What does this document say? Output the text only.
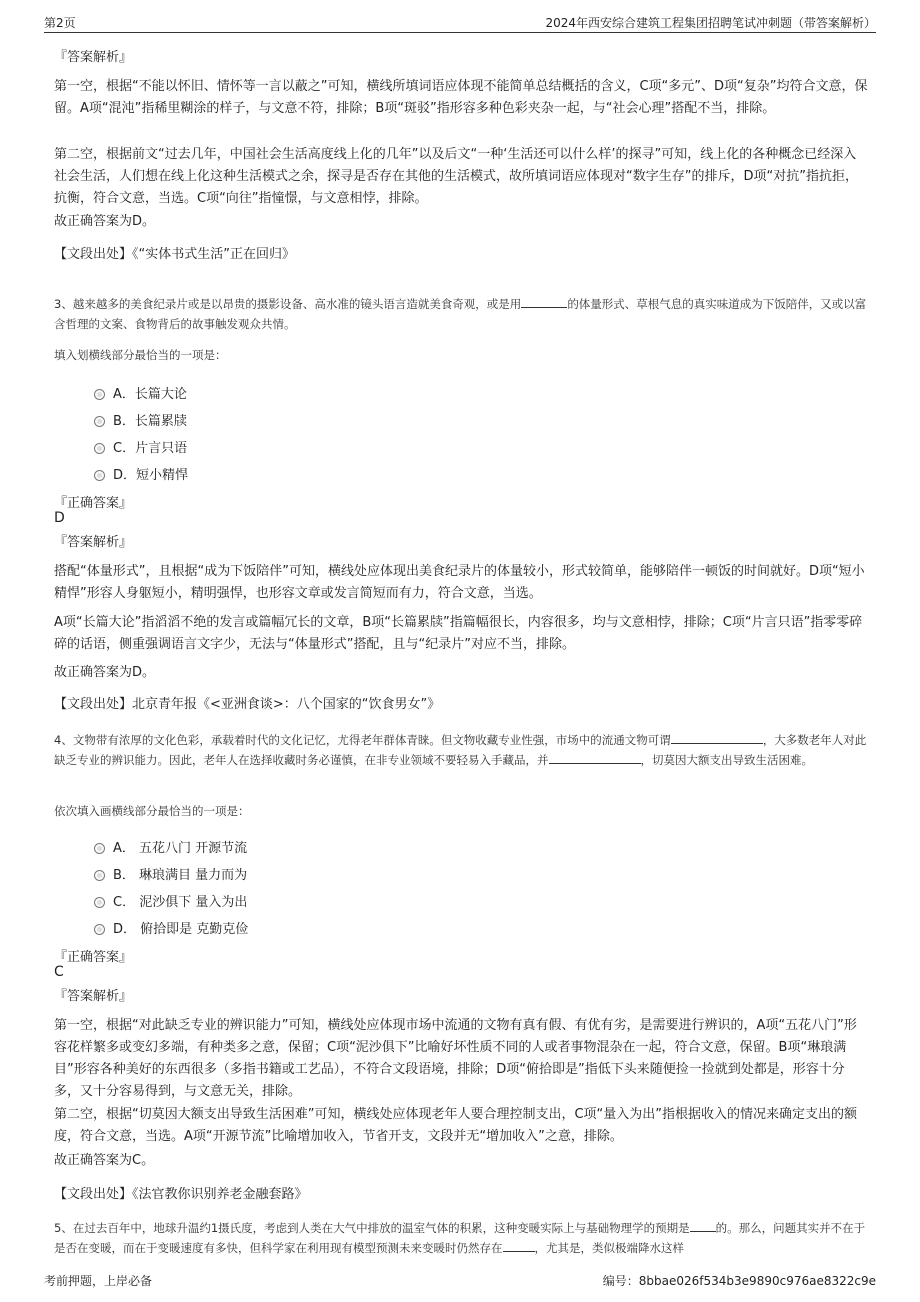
第2页	2024年西安综合建筑工程集团招聘笔试冲刺题（带答案解析）
『答案解析』
第一空，根据“不能以怀旧、情怀等一言以蔽之”可知，横线所填词语应体现不能简单总结概括的含义，C项“多元”、D项“复杂”均符合文意，保留。A项“混沌”指稀里糊涂的样子，与文意不符，排除；B项“斑驳”指形容多种色彩夹杂一起，与“社会心理”搭配不当，排除。
第二空，根据前文“过去几年，中国社会生活高度线上化的几年”以及后文“一种‘生活还可以什么样’的探寻”可知，线上化的各种概念已经深入社会生活，人们想在线上化这种生活模式之余，探寻是否存在其他的生活模式，故所填词语应体现对“数字生存”的排斥，D项“对抗”指抗拒，抗衡，符合文意，当选。C项“向往”指憧憬，与文意相悖，排除。
故正确答案为D。
【文段出处】《“实体书式生活”正在回归》
3、越来越多的美食纪录片或是以昂贵的摄影设备、高水准的镜头语言造就美食奇观，或是用	的体量形式、草根气息的真实味道成为下饭陪伴，又或以富含哲理的文案、食物背后的故事触发观众共情。
填入划横线部分最恰当的一项是：
A．长篇大论
B．长篇累牍
C．片言只语
D．短小精悍
『正确答案』
D
『答案解析』
搭配“体量形式”，且根据“成为下饭陪伴”可知，横线处应体现出美食纪录片的体量较小，形式较简单，能够陪伴一顿饭的时间就好。D项“短小精悍”形容人身躯短小，精明强悍，也形容文章或发言简短而有力，符合文意，当选。
A项“长篇大论”指滔滔不绝的发言或篇幅冗长的文章，B项“长篇累牍”指篇幅很长，内容很多，均与文意相悖，排除；C项“片言只语”指零零碎碎的话语，侧重强调语言文字少，无法与“体量形式”搭配，且与“纪录片”对应不当，排除。
故正确答案为D。
【文段出处】北京青年报《<亚洲食谈>：八个国家的“饮食男女”》
4、文物带有浓厚的文化色彩，承载着时代的文化记忆，尤得老年群体青睐。但文物收藏专业性强，市场中的流通文物可谓	，大多数老年人对此缺乏专业的辨识能力。因此，老年人在选择收藏时务必谨慎，在非专业领域不要轻易入手藏品，并	，切莫因大额支出导致生活困难。
依次填入画横线部分最恰当的一项是：
A． 五花八门 开源节流
B． 琳琅满目 量力而为
C． 泥沙俱下 量入为出
D． 俯拾即是 克勤克俭
『正确答案』
C
『答案解析』
第一空，根据“对此缺乏专业的辨识能力”可知，横线处应体现市场中流通的文物有真有假、有优有劣，是需要进行辨识的，A项“五花八门”形容花样繁多或变幻多端，有种类多之意，保留；C项“泥沙俱下”比喻好坏性质不同的人或者事物混杂在一起，符合文意，保留。B项“琳琅满目”形容各种美好的东西很多（多指书籍或工艺品），不符合文段语境，排除；D项“俯拾即是”指低下头来随便捡一捡就到处都是，形容十分多，又十分容易得到，与文意无关，排除。
第二空，根据“切莫因大额支出导致生活困难”可知，横线处应体现老年人要合理控制支出，C项“量入为出”指根据收入的情况来确定支出的额度，符合文意，当选。A项“开源节流”比喻增加收入，节省开支，文段并无“增加收入”之意，排除。
故正确答案为C。
【文段出处】《法官教你识别养老金融套路》
5、在过去百年中，地球升温约1摄氏度，考虑到人类在大气中排放的温室气体的积累，这种变暖实际上与基础物理学的预期是 的。那么，问题其实并不在于是否在变暖，而在于变暖速度有多快，但科学家在利用现有模型预测未来变暖时仍然存在	，尤其是，类似极端降水这样
考前押题，上岸必备	编号：8bbae026f534b3e9890c976ae8322c9e
